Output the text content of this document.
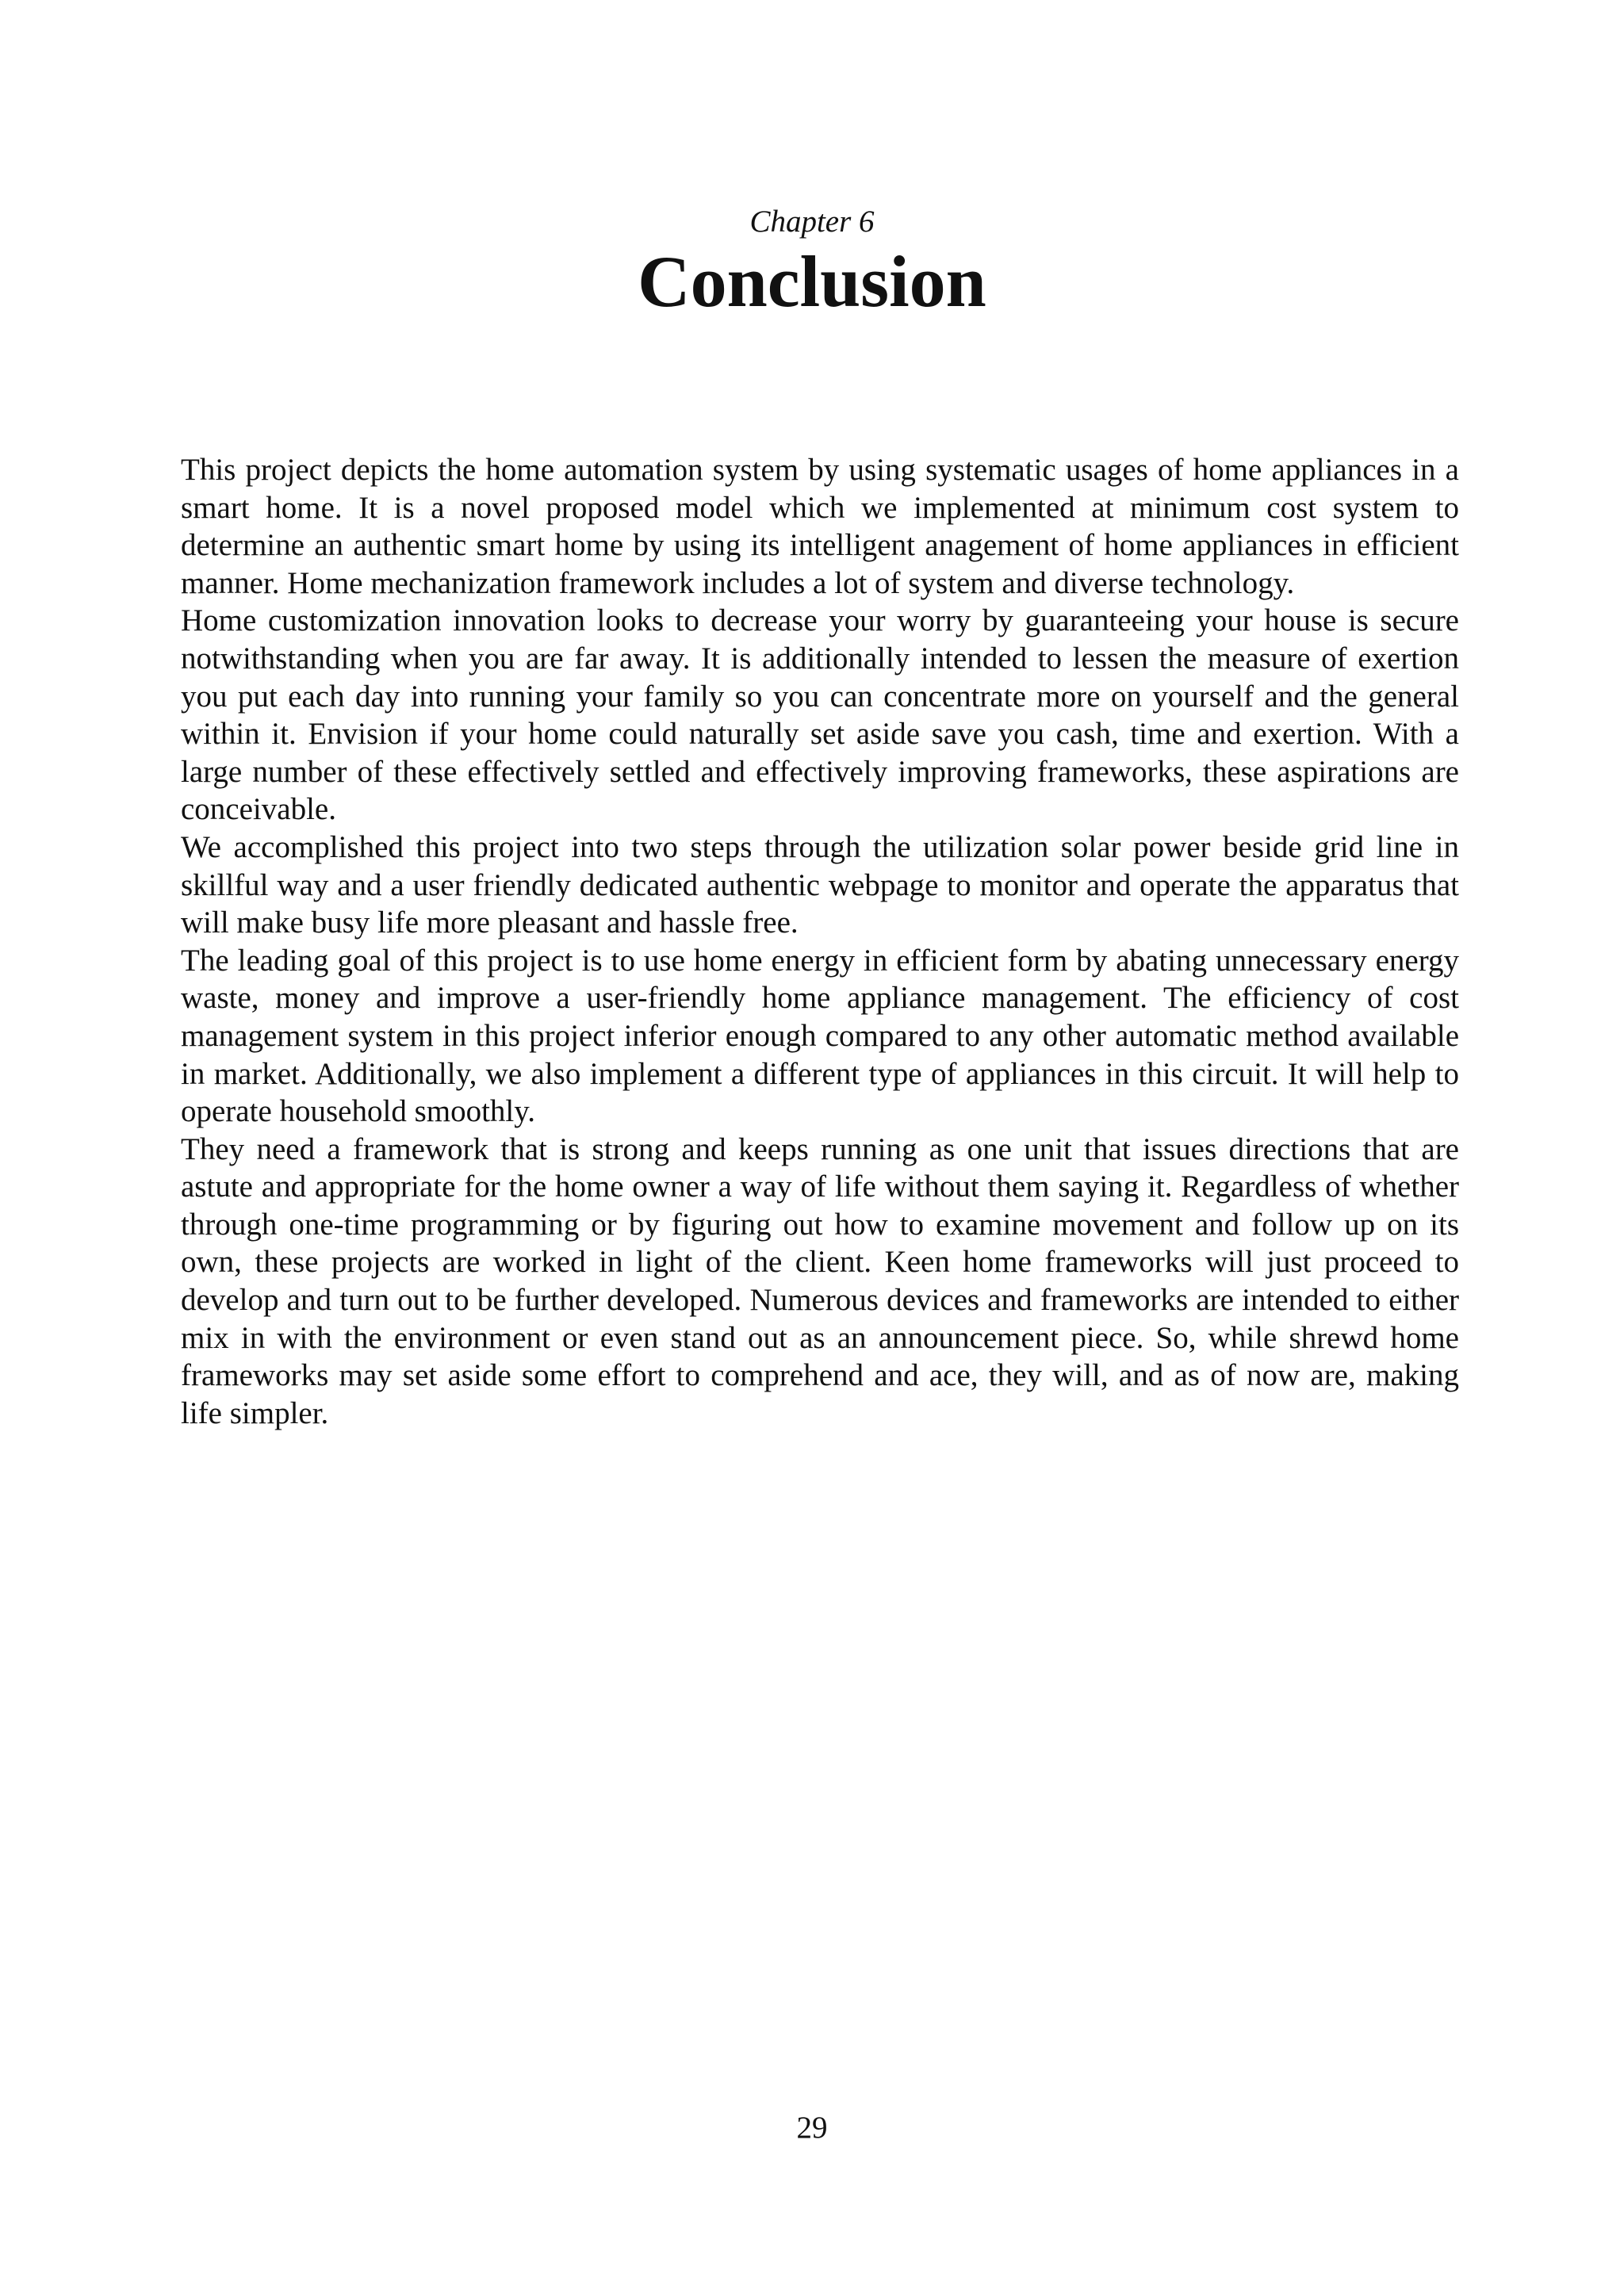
Chapter 6

Conclusion

This project depicts the home automation system by using systematic usages of home appliances in a smart home. It is a novel proposed model which we implemented at minimum cost system to determine an authentic smart home by using its intelligent anagement of home appliances in efficient manner. Home mechanization framework includes a lot of system and diverse technology.

Home customization innovation looks to decrease your worry by guaranteeing your house is secure notwithstanding when you are far away. It is additionally intended to lessen the measure of exertion you put each day into running your family so you can concentrate more on yourself and the general within it. Envision if your home could naturally set aside save you cash, time and exertion. With a large number of these effectively settled and effectively improving frameworks, these aspirations are conceivable.

We accomplished this project into two steps through the utilization solar power beside grid line in skillful way and a user friendly dedicated authentic webpage to monitor and operate the apparatus that will make busy life more pleasant and hassle free.

The leading goal of this project is to use home energy in efficient form by abating unnecessary energy waste, money and improve a user-friendly home appliance management. The efficiency of cost management system in this project inferior enough compared to any other automatic method available in market. Additionally, we also implement a different type of appliances in this circuit. It will help to operate household smoothly.

They need a framework that is strong and keeps running as one unit that issues directions that are astute and appropriate for the home owner a way of life without them saying it. Regardless of whether through one-time programming or by figuring out how to examine movement and follow up on its own, these projects are worked in light of the client. Keen home frameworks will just proceed to develop and turn out to be further developed. Numerous devices and frameworks are intended to either mix in with the environment or even stand out as an announcement piece. So, while shrewd home frameworks may set aside some effort to comprehend and ace, they will, and as of now are, making life simpler.

29
